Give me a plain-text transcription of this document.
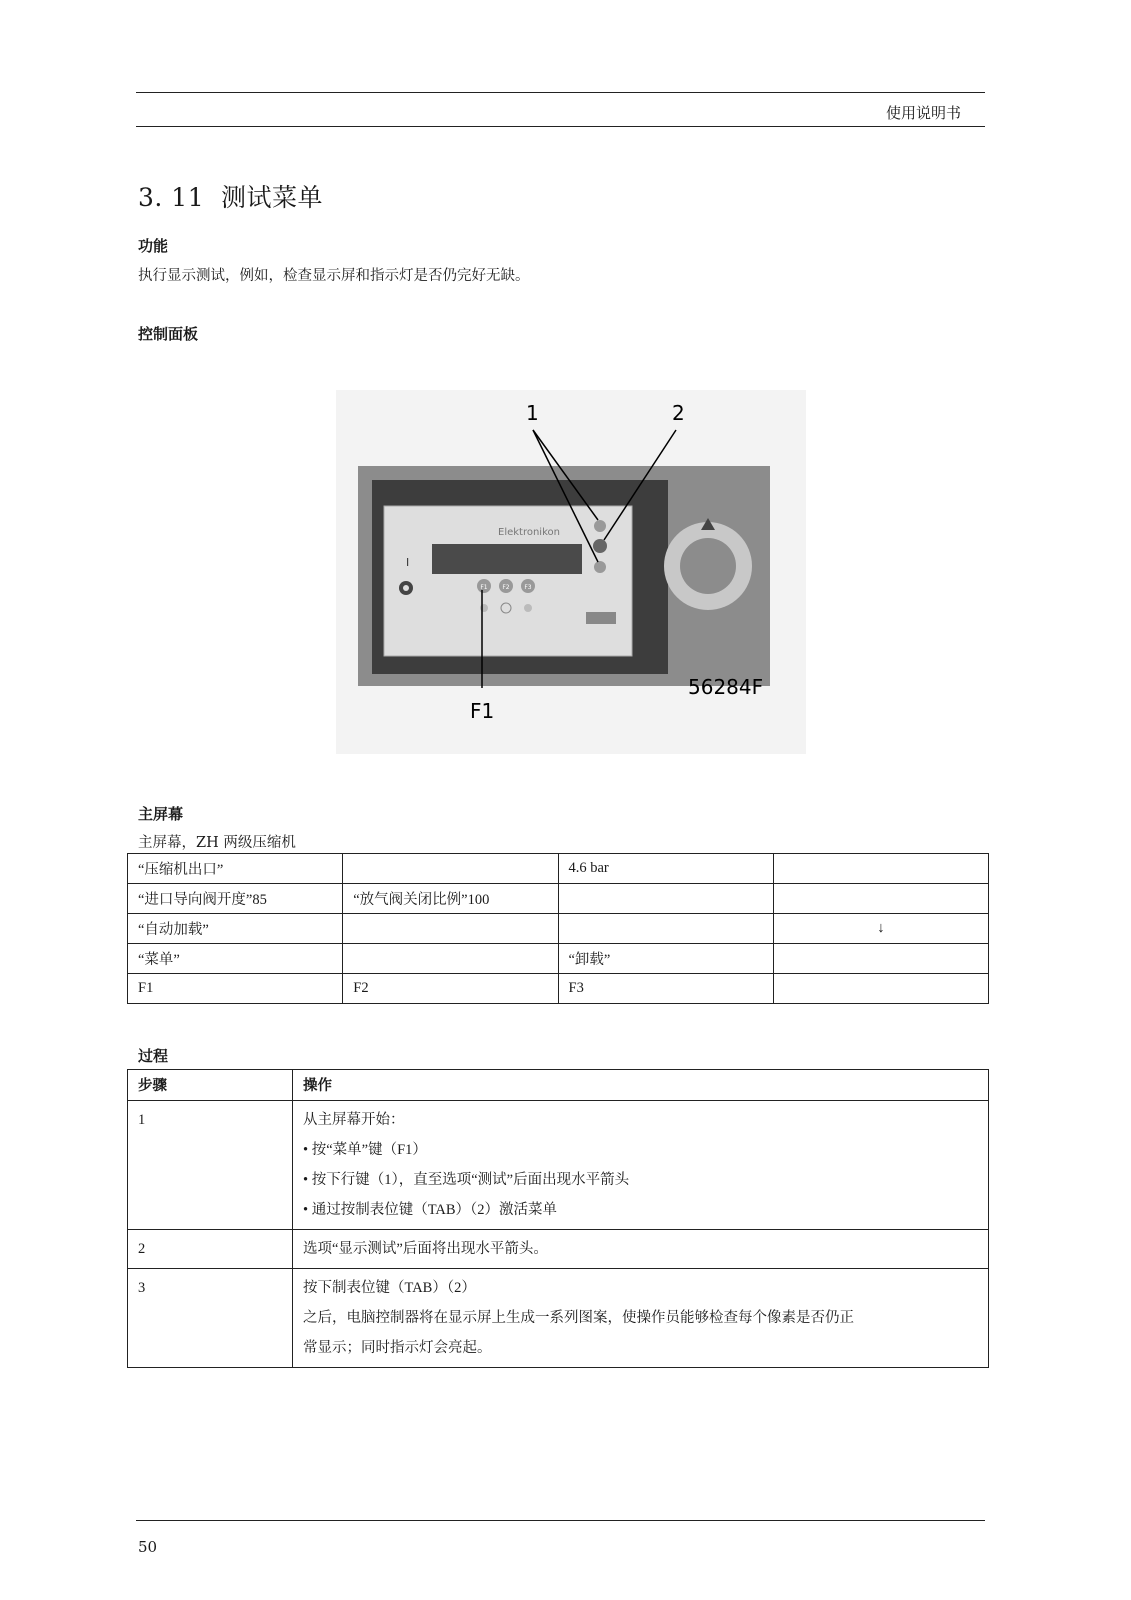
使用说明书
3. 11 测试菜单
功能
执行显示测试，例如，检查显示屏和指示灯是否仍完好无缺。
控制面板
Elektronikon
I
F1 F2 F3
1	2
F1
56284F
主屏幕
主屏幕，ZH 两级压缩机
“压缩机出口”		4.6 bar	
“进口导向阀开度”85	“放气阀关闭比例”100		
“自动加载”			↓
“菜单”		“卸载”	
F1	F2	F3	
过程
步骤	操作

1	从主屏幕开始：
• 按“菜单”键（F1）
• 按下行键（1），直至选项“测试”后面出现水平箭头
• 通过按制表位键（TAB）（2）激活菜单

2	选项“显示测试”后面将出现水平箭头。

3	按下制表位键（TAB）（2）
之后，电脑控制器将在显示屏上生成一系列图案，使操作员能够检查每个像素是否仍正
常显示；同时指示灯会亮起。
50
